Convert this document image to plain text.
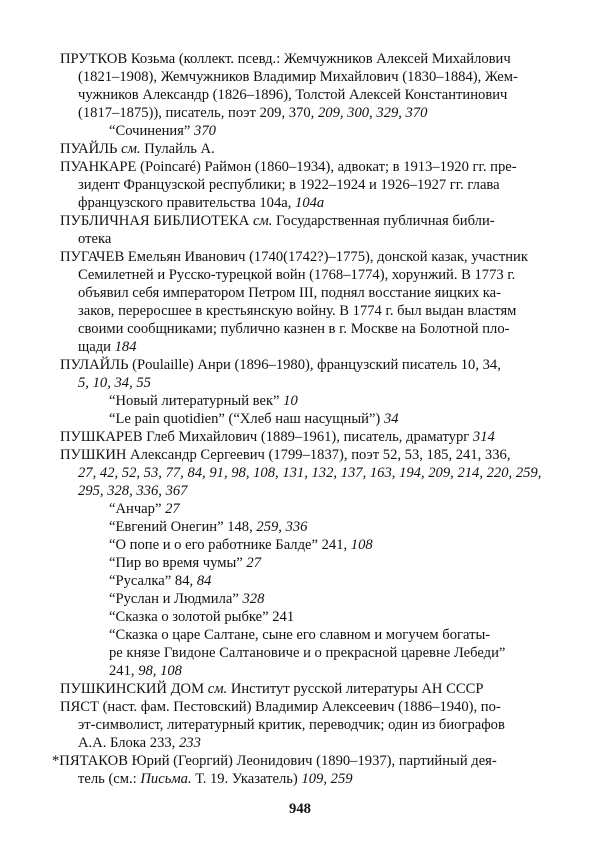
ПРУТКОВ Козьма (коллект. псевд.: Жемчужников Алексей Михайлович
(1821–1908), Жемчужников Владимир Михайлович (1830–1884), Жем-
чужников Александр (1826–1896), Толстой Алексей Константинович
(1817–1875)), писатель, поэт 209, 370, 209, 300, 329, 370
“Сочинения” 370
ПУАЙЛЬ см. Пулайль А.
ПУАНКАРЕ (Poincaré) Раймон (1860–1934), адвокат; в 1913–1920 гг. пре-
зидент Французской республики; в 1922–1924 и 1926–1927 гг. глава
французского правительства 104а, 104а
ПУБЛИЧНАЯ БИБЛИОТЕКА см. Государственная публичная библи-
отека
ПУГАЧЕВ Емельян Иванович (1740(1742?)–1775), донской казак, участник
Семилетней и Русско-турецкой войн (1768–1774), хорунжий. В 1773 г.
объявил себя императором Петром III, поднял восстание яицких ка-
заков, переросшее в крестьянскую войну. В 1774 г. был выдан властям
своими сообщниками; публично казнен в г. Москве на Болотной пло-
щади 184
ПУЛАЙЛЬ (Poulaille) Анри (1896–1980), французский писатель 10, 34,
5, 10, 34, 55
“Новый литературный век” 10
“Le pain quotidien” (“Хлеб наш насущный”) 34
ПУШКАРЕВ Глеб Михайлович (1889–1961), писатель, драматург 314
ПУШКИН Александр Сергеевич (1799–1837), поэт 52, 53, 185, 241, 336,
27, 42, 52, 53, 77, 84, 91, 98, 108, 131, 132, 137, 163, 194, 209, 214, 220, 259,
295, 328, 336, 367
“Анчар” 27
“Евгений Онегин” 148, 259, 336
“О попе и о его работнике Балде” 241, 108
“Пир во время чумы” 27
“Русалка” 84, 84
“Руслан и Людмила” 328
“Сказка о золотой рыбке” 241
“Сказка о царе Салтане, сыне его славном и могучем богаты-
ре князе Гвидоне Салтановиче и о прекрасной царевне Лебеди”
241, 98, 108
ПУШКИНСКИЙ ДОМ см. Институт русской литературы АН СССР
ПЯСТ (наст. фам. Пестовский) Владимир Алексеевич (1886–1940), по-
эт-символист, литературный критик, переводчик; один из биографов
А.А. Блока 233, 233
*ПЯТАКОВ Юрий (Георгий) Леонидович (1890–1937), партийный дея-
тель (см.: Письма. Т. 19. Указатель) 109, 259
948
